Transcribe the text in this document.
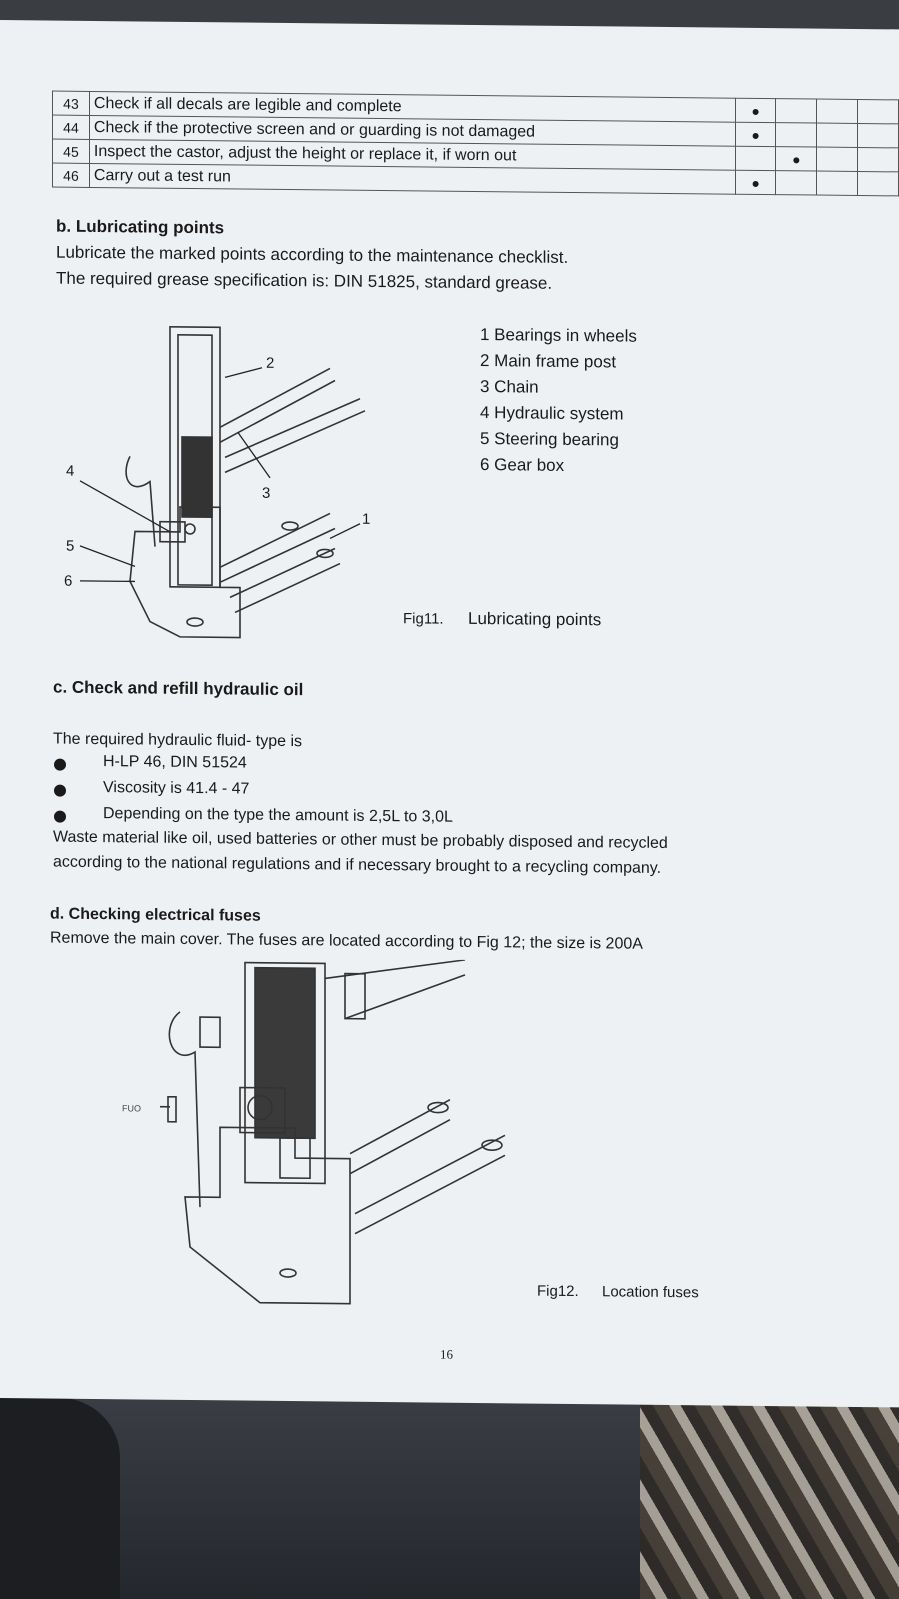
43	Check if all decals are legible and complete	●			
44	Check if the protective screen and or guarding is not damaged	●			
45	Inspect the castor, adjust the height or replace it, if worn out		●		
46	Carry out a test run	●			
b. Lubricating points
Lubricate the marked points according to the maintenance checklist.
The required grease specification is: DIN 51825, standard grease.
1
2
3
4
5
6
1 Bearings in wheels
2 Main frame post
3 Chain
4 Hydraulic system
5 Steering bearing
6 Gear box
Fig11. Lubricating points
c. Check and refill hydraulic oil
The required hydraulic fluid- type is
H-LP 46, DIN 51524
Viscosity is 41.4 - 47
Depending on the type the amount is 2,5L to 3,0L
Waste material like oil, used batteries or other must be probably disposed and recycled
according to the national regulations and if necessary brought to a recycling company.
d. Checking electrical fuses
Remove the main cover. The fuses are located according to Fig 12; the size is 200A
FUO
Fig12. Location fuses
16
